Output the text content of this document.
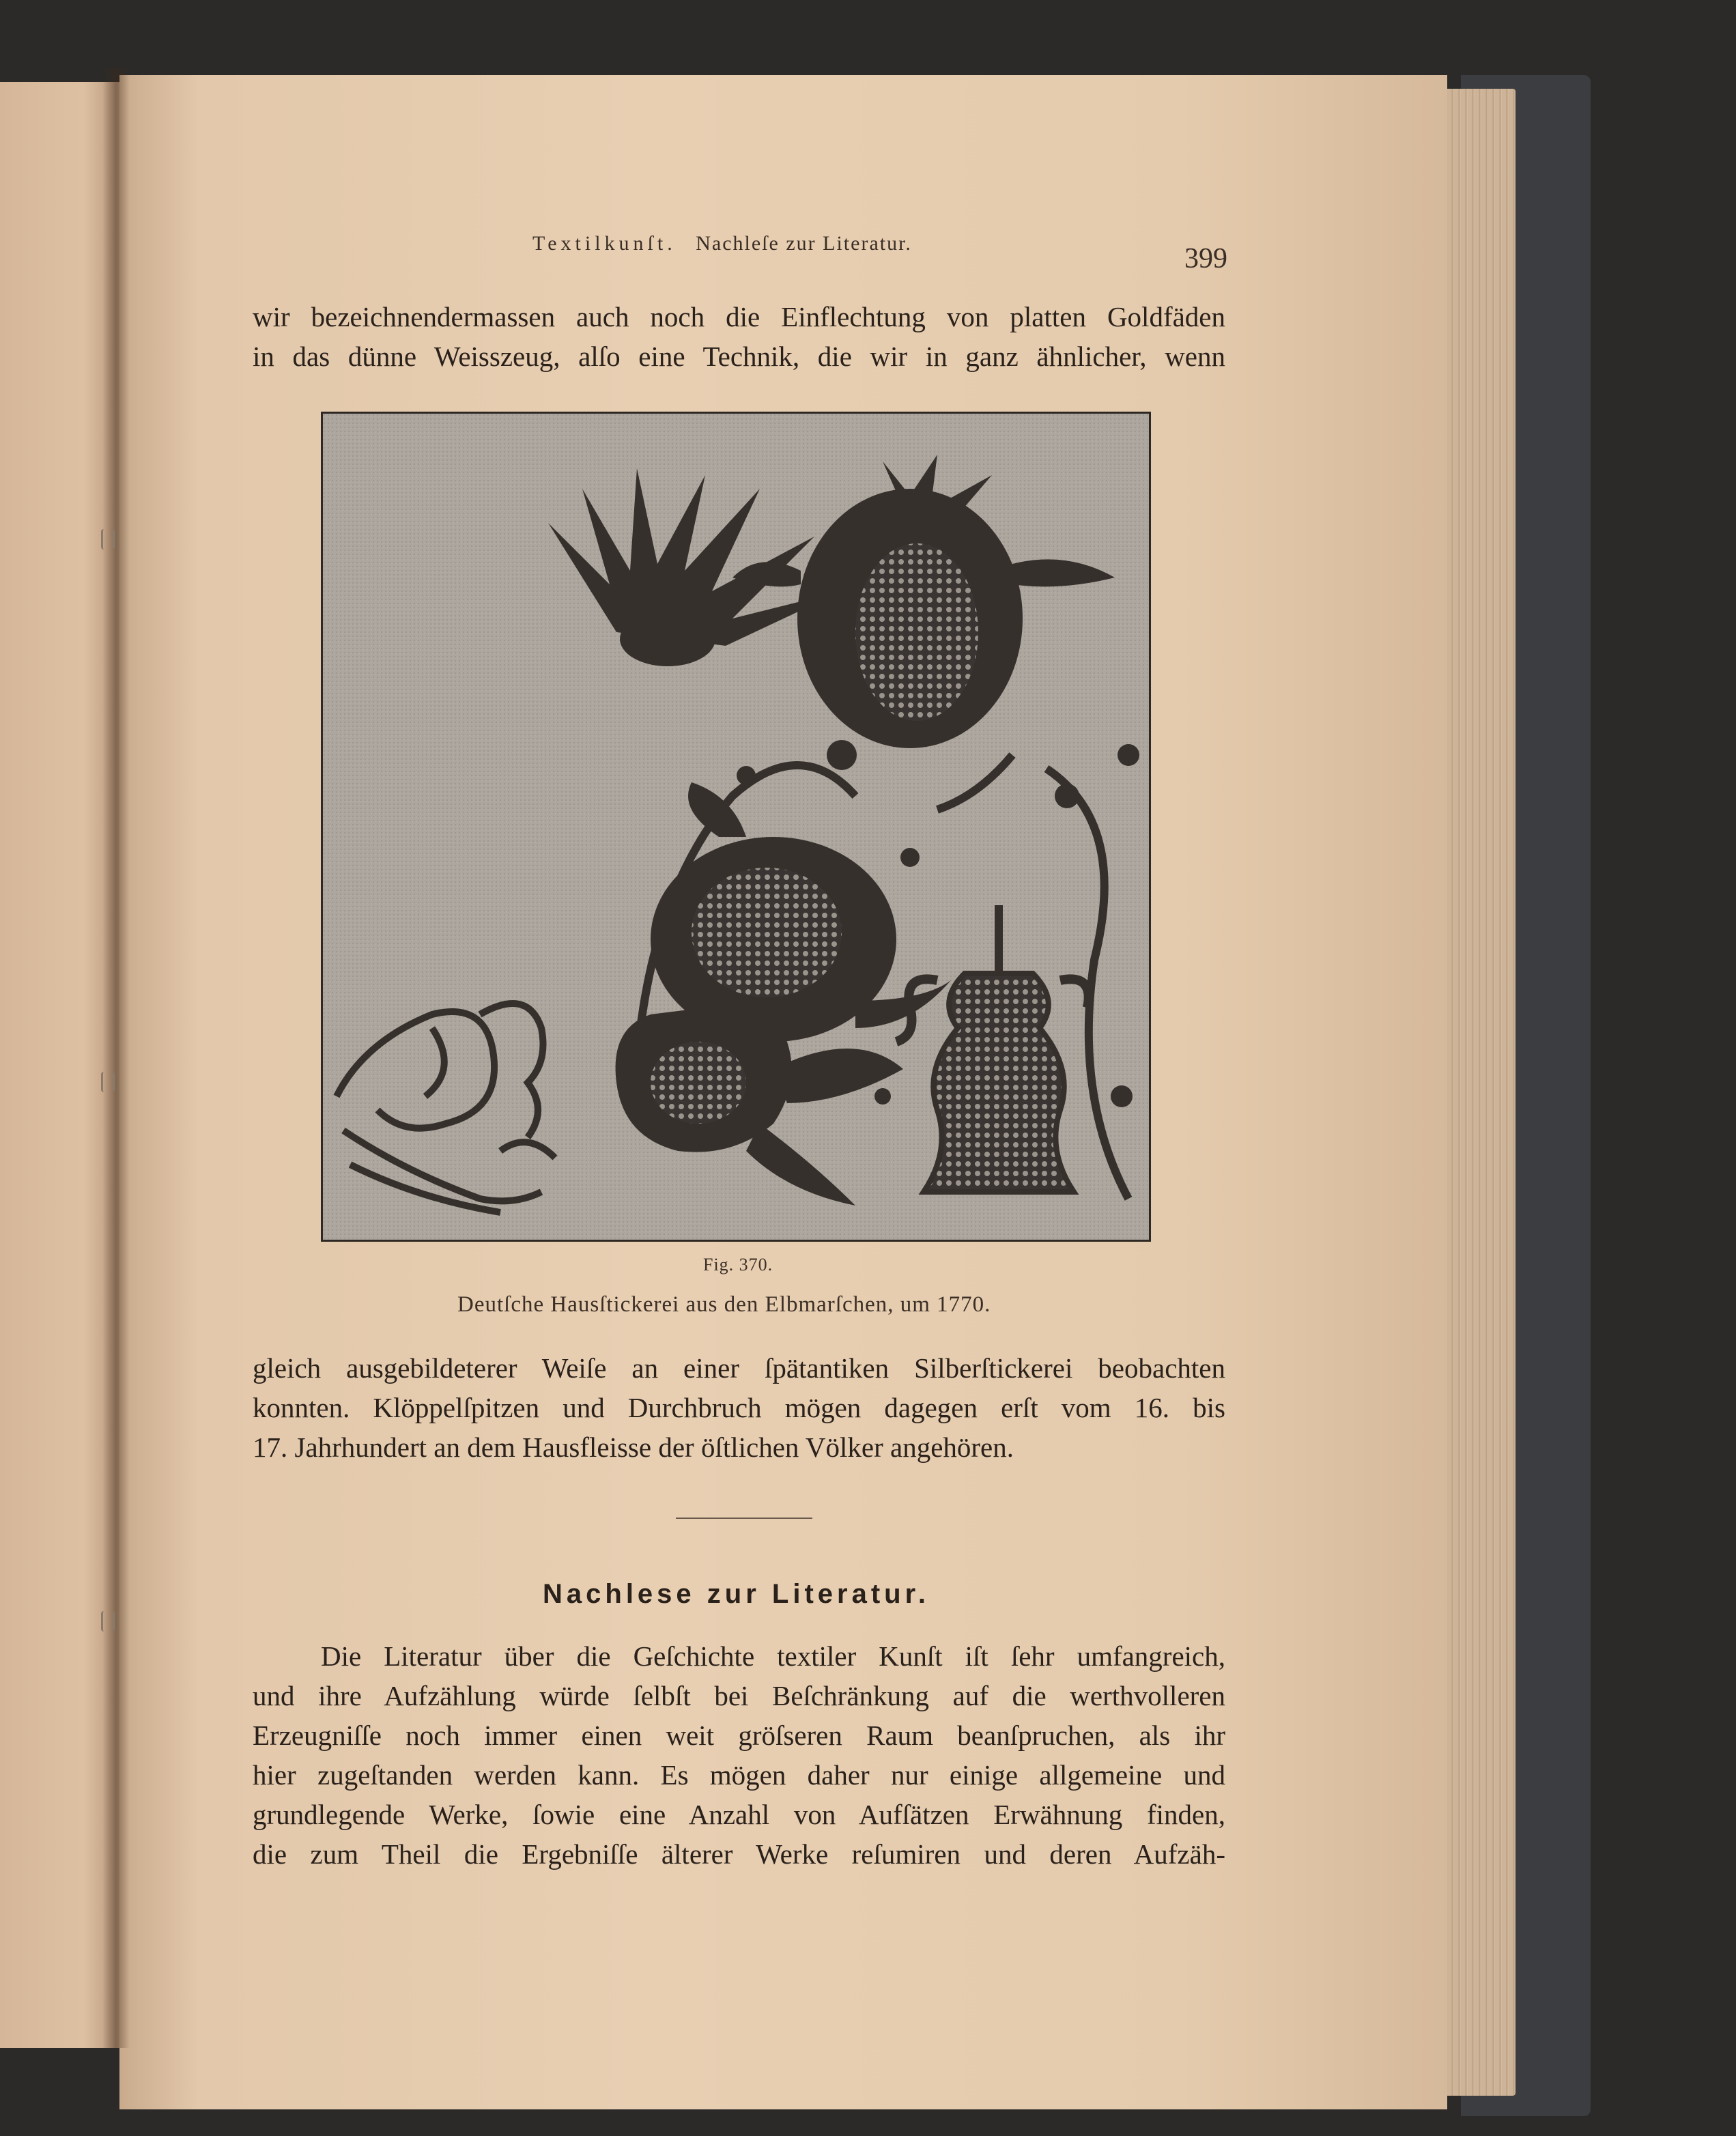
Textilkunſt. Nachleſe zur Literatur.	399
wir bezeichnendermassen auch noch die Einflechtung von platten Goldfäden
in das dünne Weisszeug, alſo eine Technik, die wir in ganz ähnlicher, wenn
Fig. 370.
Deutſche Hausſtickerei aus den Elbmarſchen, um 1770.
gleich ausgebildeterer Weiſe an einer ſpätantiken Silberſtickerei beobachten
konnten. Klöppelſpitzen und Durchbruch mögen dagegen erſt vom 16. bis
17. Jahrhundert an dem Hausfleisse der öſtlichen Völker angehören.
Nachlese zur Literatur.
Die Literatur über die Geſchichte textiler Kunſt iſt ſehr umfangreich,
und ihre Aufzählung würde ſelbſt bei Beſchränkung auf die werthvolleren
Erzeugniſſe noch immer einen weit gröſseren Raum beanſpruchen, als ihr
hier zugeſtanden werden kann. Es mögen daher nur einige allgemeine und
grundlegende Werke, ſowie eine Anzahl von Aufſätzen Erwähnung finden,
die zum Theil die Ergebniſſe älterer Werke reſumiren und deren Aufzäh-
